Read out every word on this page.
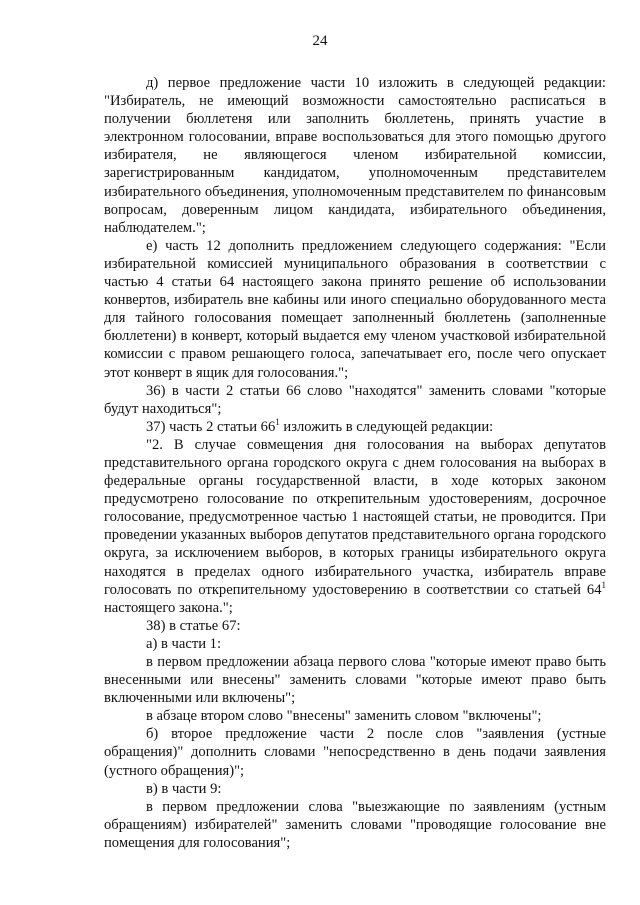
24

д) первое предложение части 10 изложить в следующей редакции: "Избиратель, не имеющий возможности самостоятельно расписаться в получении бюллетеня или заполнить бюллетень, принять участие в электронном голосовании, вправе воспользоваться для этого помощью другого избирателя, не являющегося членом избирательной комиссии, зарегистрированным кандидатом, уполномоченным представителем избирательного объединения, уполномоченным представителем по финансовым вопросам, доверенным лицом кандидата, избирательного объединения, наблюдателем.";

е) часть 12 дополнить предложением следующего содержания: "Если избирательной комиссией муниципального образования в соответствии с частью 4 статьи 64 настоящего закона принято решение об использовании конвертов, избиратель вне кабины или иного специально оборудованного места для тайного голосования помещает заполненный бюллетень (заполненные бюллетени) в конверт, который выдается ему членом участковой избирательной комиссии с правом решающего голоса, запечатывает его, после чего опускает этот конверт в ящик для голосования.";

36) в части 2 статьи 66 слово "находятся" заменить словами "которые будут находиться";

37) часть 2 статьи $66^1$ изложить в следующей редакции:

"2. В случае совмещения дня голосования на выборах депутатов представительного органа городского округа с днем голосования на выборах в федеральные органы государственной власти, в ходе которых законом предусмотрено голосование по открепительным удостоверениям, досрочное голосование, предусмотренное частью 1 настоящей статьи, не проводится. При проведении указанных выборов депутатов представительного органа городского округа, за исключением выборов, в которых границы избирательного округа находятся в пределах одного избирательного участка, избиратель вправе голосовать по открепительному удостоверению в соответствии со статьей $64^1$ настоящего закона.";

38) в статье 67:

а) в части 1:

в первом предложении абзаца первого слова "которые имеют право быть внесенными или внесены" заменить словами "которые имеют право быть включенными или включены";

в абзаце втором слово "внесены" заменить словом "включены";

б) второе предложение части 2 после слов "заявления (устные обращения)" дополнить словами "непосредственно в день подачи заявления (устного обращения)";

в) в части 9:

в первом предложении слова "выезжающие по заявлениям (устным обращениям) избирателей" заменить словами "проводящие голосование вне помещения для голосования";
